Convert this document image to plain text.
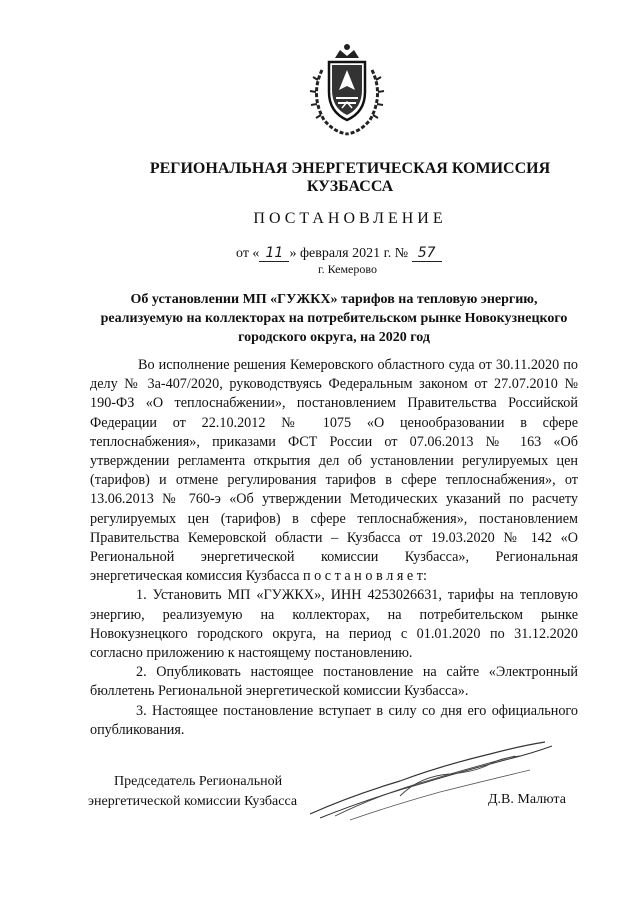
РЕГИОНАЛЬНАЯ ЭНЕРГЕТИЧЕСКАЯ КОМИССИЯ
КУЗБАССА
ПОСТАНОВЛЕНИЕ
от « 11 » февраля 2021 г. № 57
г. Кемерово
Об установлении МП «ГУЖКХ» тарифов на тепловую энергию, реализуемую на коллекторах на потребительском рынке Новокузнецкого городского округа, на 2020 год

Во исполнение решения Кемеровского областного суда от 30.11.2020 по делу № 3а-407/2020, руководствуясь Федеральным законом от 27.07.2010 № 190-ФЗ «О теплоснабжении», постановлением Правительства Российской Федерации от 22.10.2012 № 1075 «О ценообразовании в сфере теплоснабжения», приказами ФСТ России от 07.06.2013 № 163 «Об утверждении регламента открытия дел об установлении регулируемых цен (тарифов) и отмене регулирования тарифов в сфере теплоснабжения», от 13.06.2013 № 760-э «Об утверждении Методических указаний по расчету регулируемых цен (тарифов) в сфере теплоснабжения», постановлением Правительства Кемеровской области – Кузбасса от 19.03.2020 № 142 «О Региональной энергетической комиссии Кузбасса», Региональная энергетическая комиссия Кузбасса п о с т а н о в л я е т:

1. Установить МП «ГУЖКХ», ИНН 4253026631, тарифы на тепловую энергию, реализуемую на коллекторах, на потребительском рынке Новокузнецкого городского округа, на период с 01.01.2020 по 31.12.2020 согласно приложению к настоящему постановлению.

2. Опубликовать настоящее постановление на сайте «Электронный бюллетень Региональной энергетической комиссии Кузбасса».

3. Настоящее постановление вступает в силу со дня его официального опубликования.

Председатель Региональной
энергетической комиссии Кузбасса	Д.В. Малюта
